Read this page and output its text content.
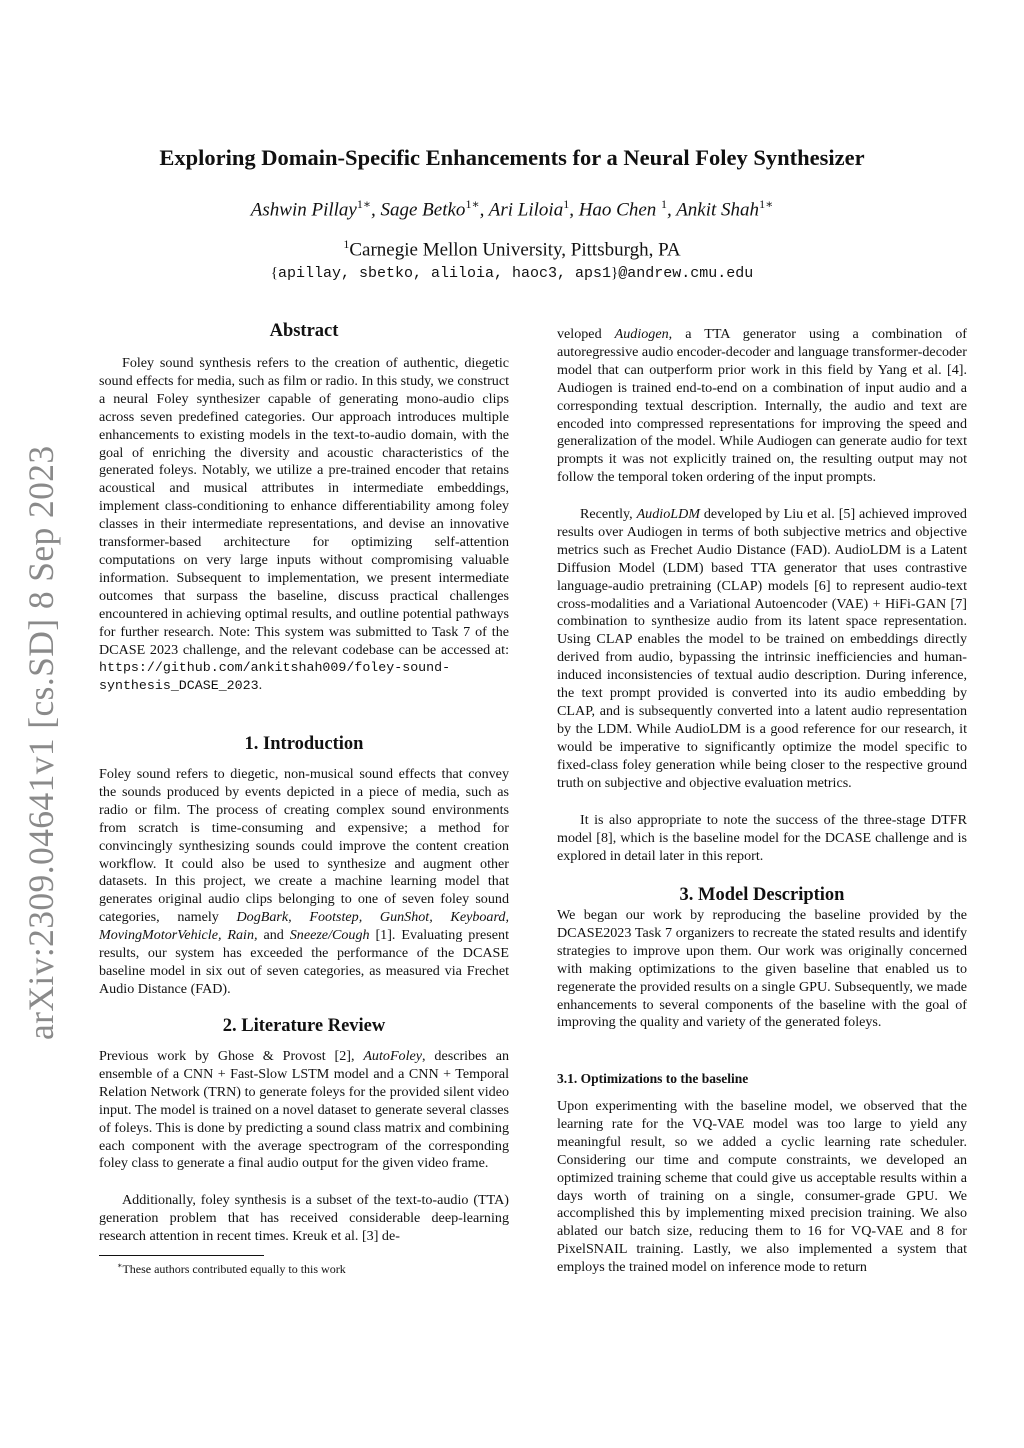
arXiv:2309.04641v1 [cs.SD] 8 Sep 2023
Exploring Domain-Specific Enhancements for a Neural Foley Synthesizer
Ashwin Pillay$^{1∗}$, Sage Betko$^{1∗}$, Ari Liloia$^1$, Hao Chen $^1$, Ankit Shah$^{1∗}$
$^1$Carnegie Mellon University, Pittsburgh, PA
{apillay, sbetko, aliloia, haoc3, aps1}@andrew.cmu.edu
Abstract
Foley sound synthesis refers to the creation of authentic, diegetic sound effects for media, such as film or radio. In this study, we construct a neural Foley synthesizer capable of generating mono-audio clips across seven predefined categories. Our approach introduces multiple enhancements to existing models in the text-to-audio domain, with the goal of enriching the diversity and acoustic characteristics of the generated foleys. Notably, we utilize a pre-trained encoder that retains acoustical and musical attributes in intermediate embeddings, implement class-conditioning to enhance differentiability among foley classes in their intermediate representations, and devise an innovative transformer-based architecture for optimizing self-attention computations on very large inputs without compromising valuable information. Subsequent to implementation, we present intermediate outcomes that surpass the baseline, discuss practical challenges encountered in achieving optimal results, and outline potential pathways for further research. Note: This system was submitted to Task 7 of the DCASE 2023 challenge, and the relevant codebase can be accessed at: https://github.com/ankitshah009/foley-sound-synthesis_DCASE_2023.
1. Introduction
Foley sound refers to diegetic, non-musical sound effects that convey the sounds produced by events depicted in a piece of media, such as radio or film. The process of creating complex sound environments from scratch is time-consuming and expensive; a method for convincingly synthesizing sounds could improve the content creation workflow. It could also be used to synthesize and augment other datasets. In this project, we create a machine learning model that generates original audio clips belonging to one of seven foley sound categories, namely DogBark, Footstep, GunShot, Keyboard, MovingMotorVehicle, Rain, and Sneeze/Cough [1]. Evaluating present results, our system has exceeded the performance of the DCASE baseline model in six out of seven categories, as measured via Frechet Audio Distance (FAD).
2. Literature Review
Previous work by Ghose & Provost [2], AutoFoley, describes an ensemble of a CNN + Fast-Slow LSTM model and a CNN + Temporal Relation Network (TRN) to generate foleys for the provided silent video input. The model is trained on a novel dataset to generate several classes of foleys. This is done by predicting a sound class matrix and combining each component with the average spectrogram of the corresponding foley class to generate a final audio output for the given video frame.
Additionally, foley synthesis is a subset of the text-to-audio (TTA) generation problem that has received considerable deep-learning research attention in recent times. Kreuk et al. [3] de-
∗These authors contributed equally to this work
veloped Audiogen, a TTA generator using a combination of autoregressive audio encoder-decoder and language transformer-decoder model that can outperform prior work in this field by Yang et al. [4]. Audiogen is trained end-to-end on a combination of input audio and a corresponding textual description. Internally, the audio and text are encoded into compressed representations for improving the speed and generalization of the model. While Audiogen can generate audio for text prompts it was not explicitly trained on, the resulting output may not follow the temporal token ordering of the input prompts.
Recently, AudioLDM developed by Liu et al. [5] achieved improved results over Audiogen in terms of both subjective metrics and objective metrics such as Frechet Audio Distance (FAD). AudioLDM is a Latent Diffusion Model (LDM) based TTA generator that uses contrastive language-audio pretraining (CLAP) models [6] to represent audio-text cross-modalities and a Variational Autoencoder (VAE) + HiFi-GAN [7] combination to synthesize audio from its latent space representation. Using CLAP enables the model to be trained on embeddings directly derived from audio, bypassing the intrinsic inefficiencies and human-induced inconsistencies of textual audio description. During inference, the text prompt provided is converted into its audio embedding by CLAP, and is subsequently converted into a latent audio representation by the LDM. While AudioLDM is a good reference for our research, it would be imperative to significantly optimize the model specific to fixed-class foley generation while being closer to the respective ground truth on subjective and objective evaluation metrics.
It is also appropriate to note the success of the three-stage DTFR model [8], which is the baseline model for the DCASE challenge and is explored in detail later in this report.
3. Model Description
We began our work by reproducing the baseline provided by the DCASE2023 Task 7 organizers to recreate the stated results and identify strategies to improve upon them. Our work was originally concerned with making optimizations to the given baseline that enabled us to regenerate the provided results on a single GPU. Subsequently, we made enhancements to several components of the baseline with the goal of improving the quality and variety of the generated foleys.
3.1. Optimizations to the baseline
Upon experimenting with the baseline model, we observed that the learning rate for the VQ-VAE model was too large to yield any meaningful result, so we added a cyclic learning rate scheduler. Considering our time and compute constraints, we developed an optimized training scheme that could give us acceptable results within a days worth of training on a single, consumer-grade GPU. We accomplished this by implementing mixed precision training. We also ablated our batch size, reducing them to 16 for VQ-VAE and 8 for PixelSNAIL training. Lastly, we also implemented a system that employs the trained model on inference mode to return
